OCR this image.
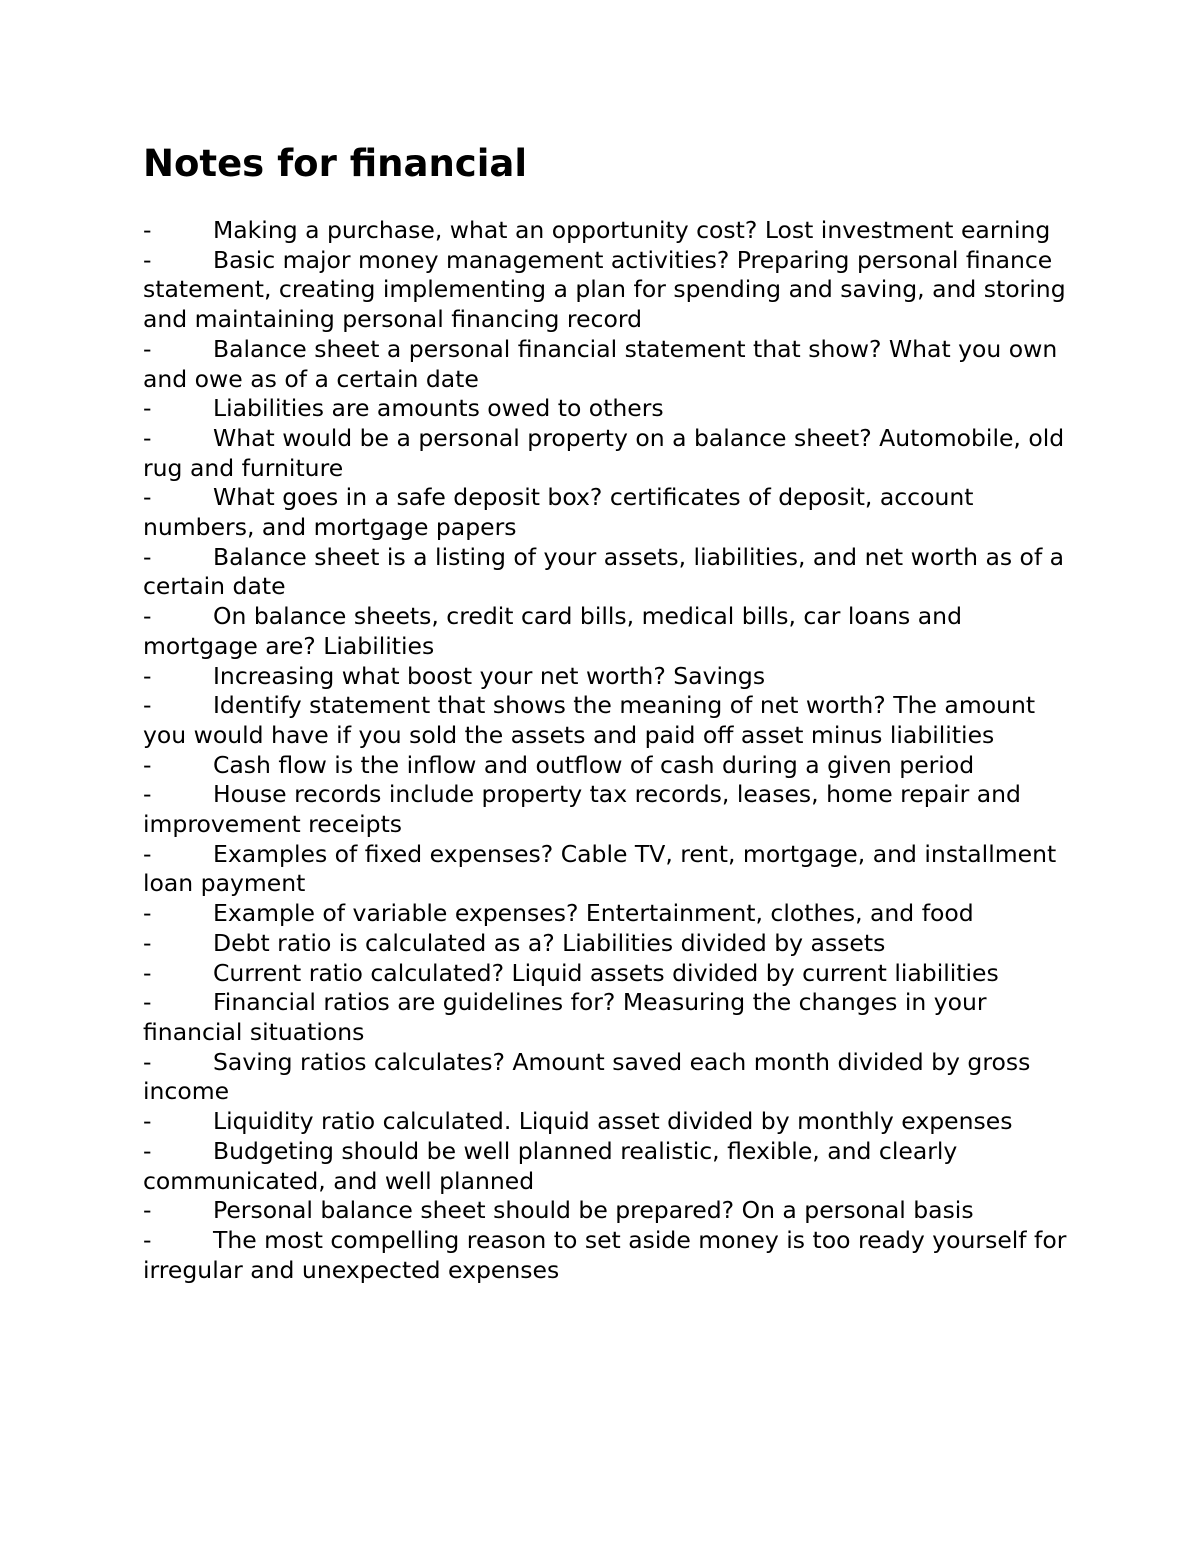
Notes for financial
-	Making a purchase, what an opportunity cost? Lost investment earning
-	Basic major money management activities? Preparing personal finance statement, creating implementing a plan for spending and saving, and storing and maintaining personal financing record
-	Balance sheet a personal financial statement that show? What you own and owe as of a certain date
-	Liabilities are amounts owed to others
-	What would be a personal property on a balance sheet? Automobile, old rug and furniture
-	What goes in a safe deposit box? certificates of deposit, account numbers, and mortgage papers
-	Balance sheet is a listing of your assets, liabilities, and net worth as of a certain date
-	On balance sheets, credit card bills, medical bills, car loans and mortgage are? Liabilities
-	Increasing what boost your net worth? Savings
-	Identify statement that shows the meaning of net worth? The amount you would have if you sold the assets and paid off asset minus liabilities
-	Cash flow is the inflow and outflow of cash during a given period
-	House records include property tax records, leases, home repair and improvement receipts
-	Examples of fixed expenses? Cable TV, rent, mortgage, and installment loan payment
-	Example of variable expenses? Entertainment, clothes, and food
-	Debt ratio is calculated as a? Liabilities divided by assets
-	Current ratio calculated? Liquid assets divided by current liabilities
-	Financial ratios are guidelines for? Measuring the changes in your financial situations
-	Saving ratios calculates? Amount saved each month divided by gross income
-	Liquidity ratio calculated. Liquid asset divided by monthly expenses
-	Budgeting should be well planned realistic, flexible, and clearly communicated, and well planned
-	Personal balance sheet should be prepared? On a personal basis
-	The most compelling reason to set aside money is too ready yourself for irregular and unexpected expenses
